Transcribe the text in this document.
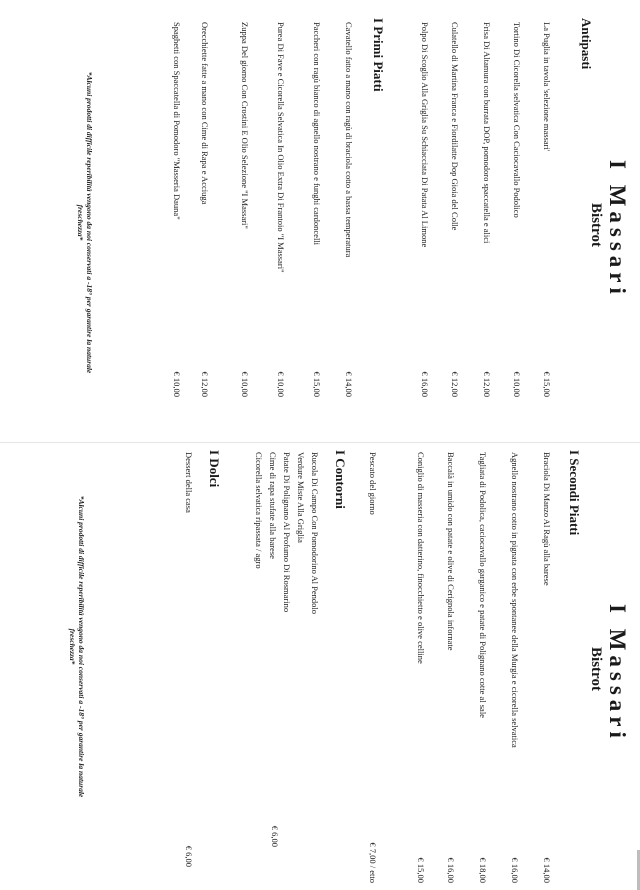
I Massari
Bistrot
Antipasti
La Puglia in tavola 'selezione massari'
€ 15,00
Tortino Di Cicorella selvatica Con Caciocavallo Podolico
€ 10,00
Frisa Di Altamura con burrata DOP, pomodoro spaccatella e alici
€ 12,00
Culatello di Martina Franca e Fiordilatte Dop Gioia del Colle
€ 12,00
Polpo Di Scoglio Alla Griglia Su Schiacciata Di Patata Al Limone
€ 16,00
I Primi Piatti
Cavatello fatto a mano con ragù di braciola cotto a bassa temperatura
€ 14,00
Paccheri con ragù bianco di agnello nostrano e funghi cardoncelli
€ 15,00
Purea Di Fave e Cicorella Selvatica In Olio Extra Di Frantoio "I Massari"
€ 10,00
Zuppa Del giorno Con Crostini E Olio Selezione "I Massari"
€ 10,00
Orecchiette fatte a mano con Cime di Rapa e Acciuga
€ 12,00
Spaghetti con Spaccatella di Pomodoro "Masseria Dauna"
€ 10,00
*Alcuni prodotti di difficile reperibilità vengono da noi conservati a -18° per garantire la naturale
freschezza*
I Massari
Bistrot
I Secondi Piatti
Braciola Di Manzo Al Ragù alla barese
€ 14,00
Agnello nostrano cotto in pignata con erbe spontanee della Murgia e cicorella selvatica
€ 16,00
Tagliata di Podolica, caciocavallo garganico e patate di Polignano cotte al sale
€ 18,00
Baccalà in umido con patate e olive di Cerignola infornate
€ 16,00
Coniglio di masseria con datterino, finocchietto e olive celline
€ 15,00
Pescato del giorno
€ 7,00 / etto
I Contorni
Rucola Di Campo Con Pomodorino Al Pendolo
€ 6,00
Verdure Miste Alla Griglia
Patate Di Polignano Al Profumo Di Rosmarino
Cime di rapa stufate alla barese
Cicorella selvatica ripassata / agro
I Dolci
Dessert della casa
€ 6,00
*Alcuni prodotti di difficile reperibilità vengono da noi conservati a -18° per garantire la naturale
freschezza*
